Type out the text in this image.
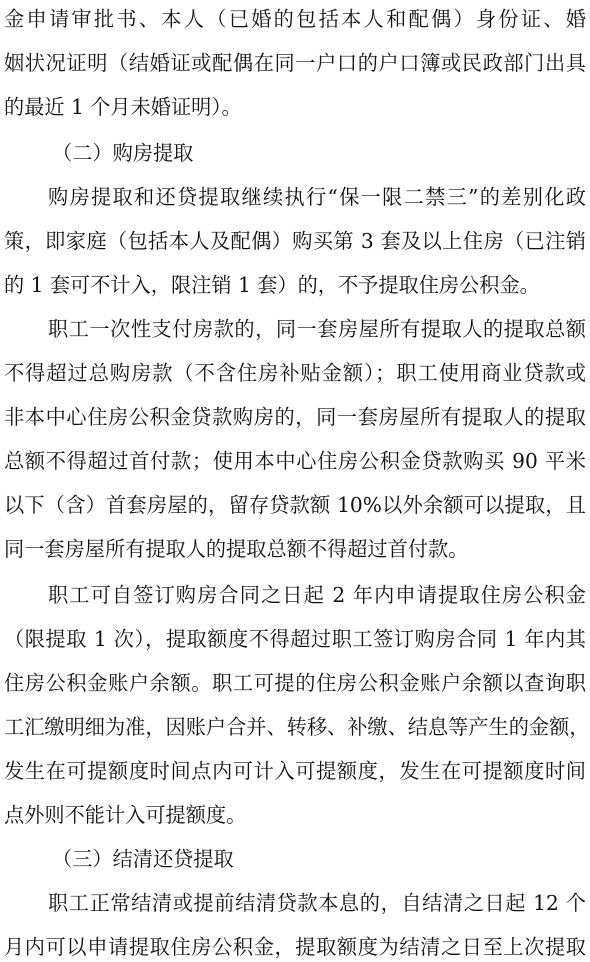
金申请审批书、本人（已婚的包括本人和配偶）身份证、婚
姻状况证明（结婚证或配偶在同一户口的户口簿或民政部门出具
的最近 1 个月未婚证明）。
（二）购房提取
购房提取和还贷提取继续执行“保一限二禁三”的差别化政
策，即家庭（包括本人及配偶）购买第 3 套及以上住房（已注销
的 1 套可不计入，限注销 1 套）的，不予提取住房公积金。
职工一次性支付房款的，同一套房屋所有提取人的提取总额
不得超过总购房款（不含住房补贴金额）；职工使用商业贷款或
非本中心住房公积金贷款购房的，同一套房屋所有提取人的提取
总额不得超过首付款；使用本中心住房公积金贷款购买 90 平米
以下（含）首套房屋的，留存贷款额 10%以外余额可以提取，且
同一套房屋所有提取人的提取总额不得超过首付款。
职工可自签订购房合同之日起 2 年内申请提取住房公积金
（限提取 1 次），提取额度不得超过职工签订购房合同 1 年内其
住房公积金账户余额。职工可提的住房公积金账户余额以查询职
工汇缴明细为准，因账户合并、转移、补缴、结息等产生的金额，
发生在可提额度时间点内可计入可提额度，发生在可提额度时间
点外则不能计入可提额度。
（三）结清还贷提取
职工正常结清或提前结清贷款本息的，自结清之日起 12 个
月内可以申请提取住房公积金，提取额度为结清之日至上次提取
